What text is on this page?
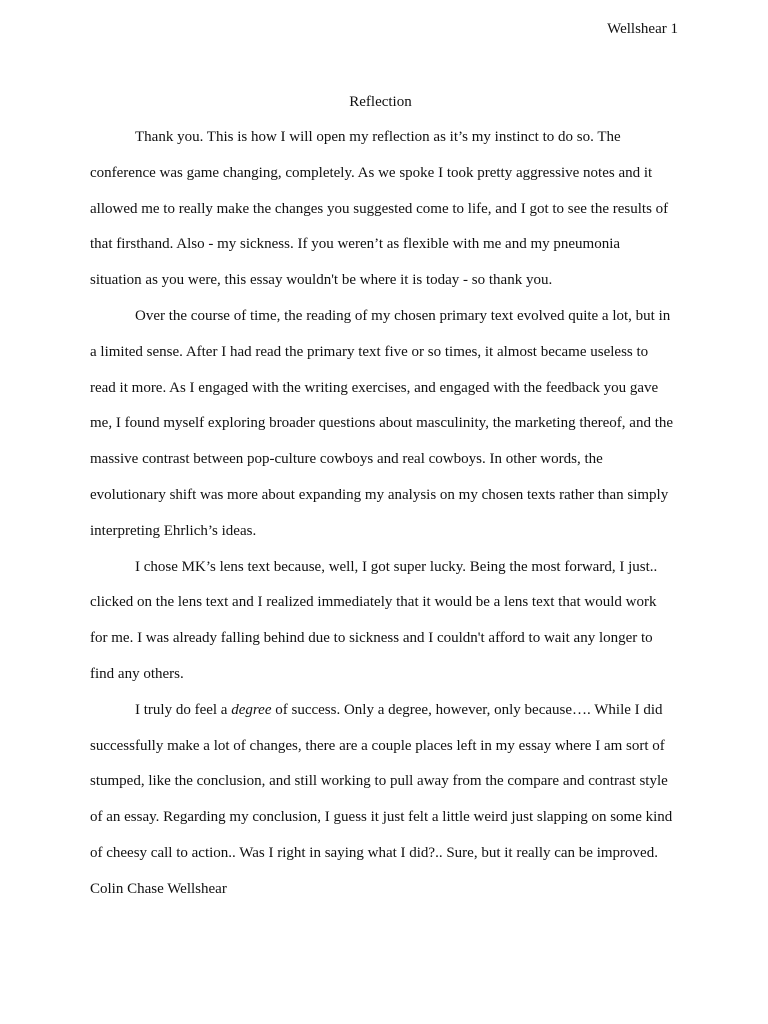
Wellshear 1
Reflection
Thank you. This is how I will open my reflection as it’s my instinct to do so. The
conference was game changing, completely. As we spoke I took pretty aggressive notes and it
allowed me to really make the changes you suggested come to life, and I got to see the results of
that firsthand. Also - my sickness. If you weren’t as flexible with me and my pneumonia
situation as you were, this essay wouldn't be where it is today - so thank you.
Over the course of time, the reading of my chosen primary text evolved quite a lot, but in
a limited sense. After I had read the primary text five or so times, it almost became useless to
read it more. As I engaged with the writing exercises, and engaged with the feedback you gave
me, I found myself exploring broader questions about masculinity, the marketing thereof, and the
massive contrast between pop-culture cowboys and real cowboys. In other words, the
evolutionary shift was more about expanding my analysis on my chosen texts rather than simply
interpreting Ehrlich’s ideas.
I chose MK’s lens text because, well, I got super lucky. Being the most forward, I just..
clicked on the lens text and I realized immediately that it would be a lens text that would work
for me. I was already falling behind due to sickness and I couldn't afford to wait any longer to
find any others.
I truly do feel a degree of success. Only a degree, however, only because…. While I did
successfully make a lot of changes, there are a couple places left in my essay where I am sort of
stumped, like the conclusion, and still working to pull away from the compare and contrast style
of an essay. Regarding my conclusion, I guess it just felt a little weird just slapping on some kind
of cheesy call to action.. Was I right in saying what I did?.. Sure, but it really can be improved.
Colin Chase Wellshear
